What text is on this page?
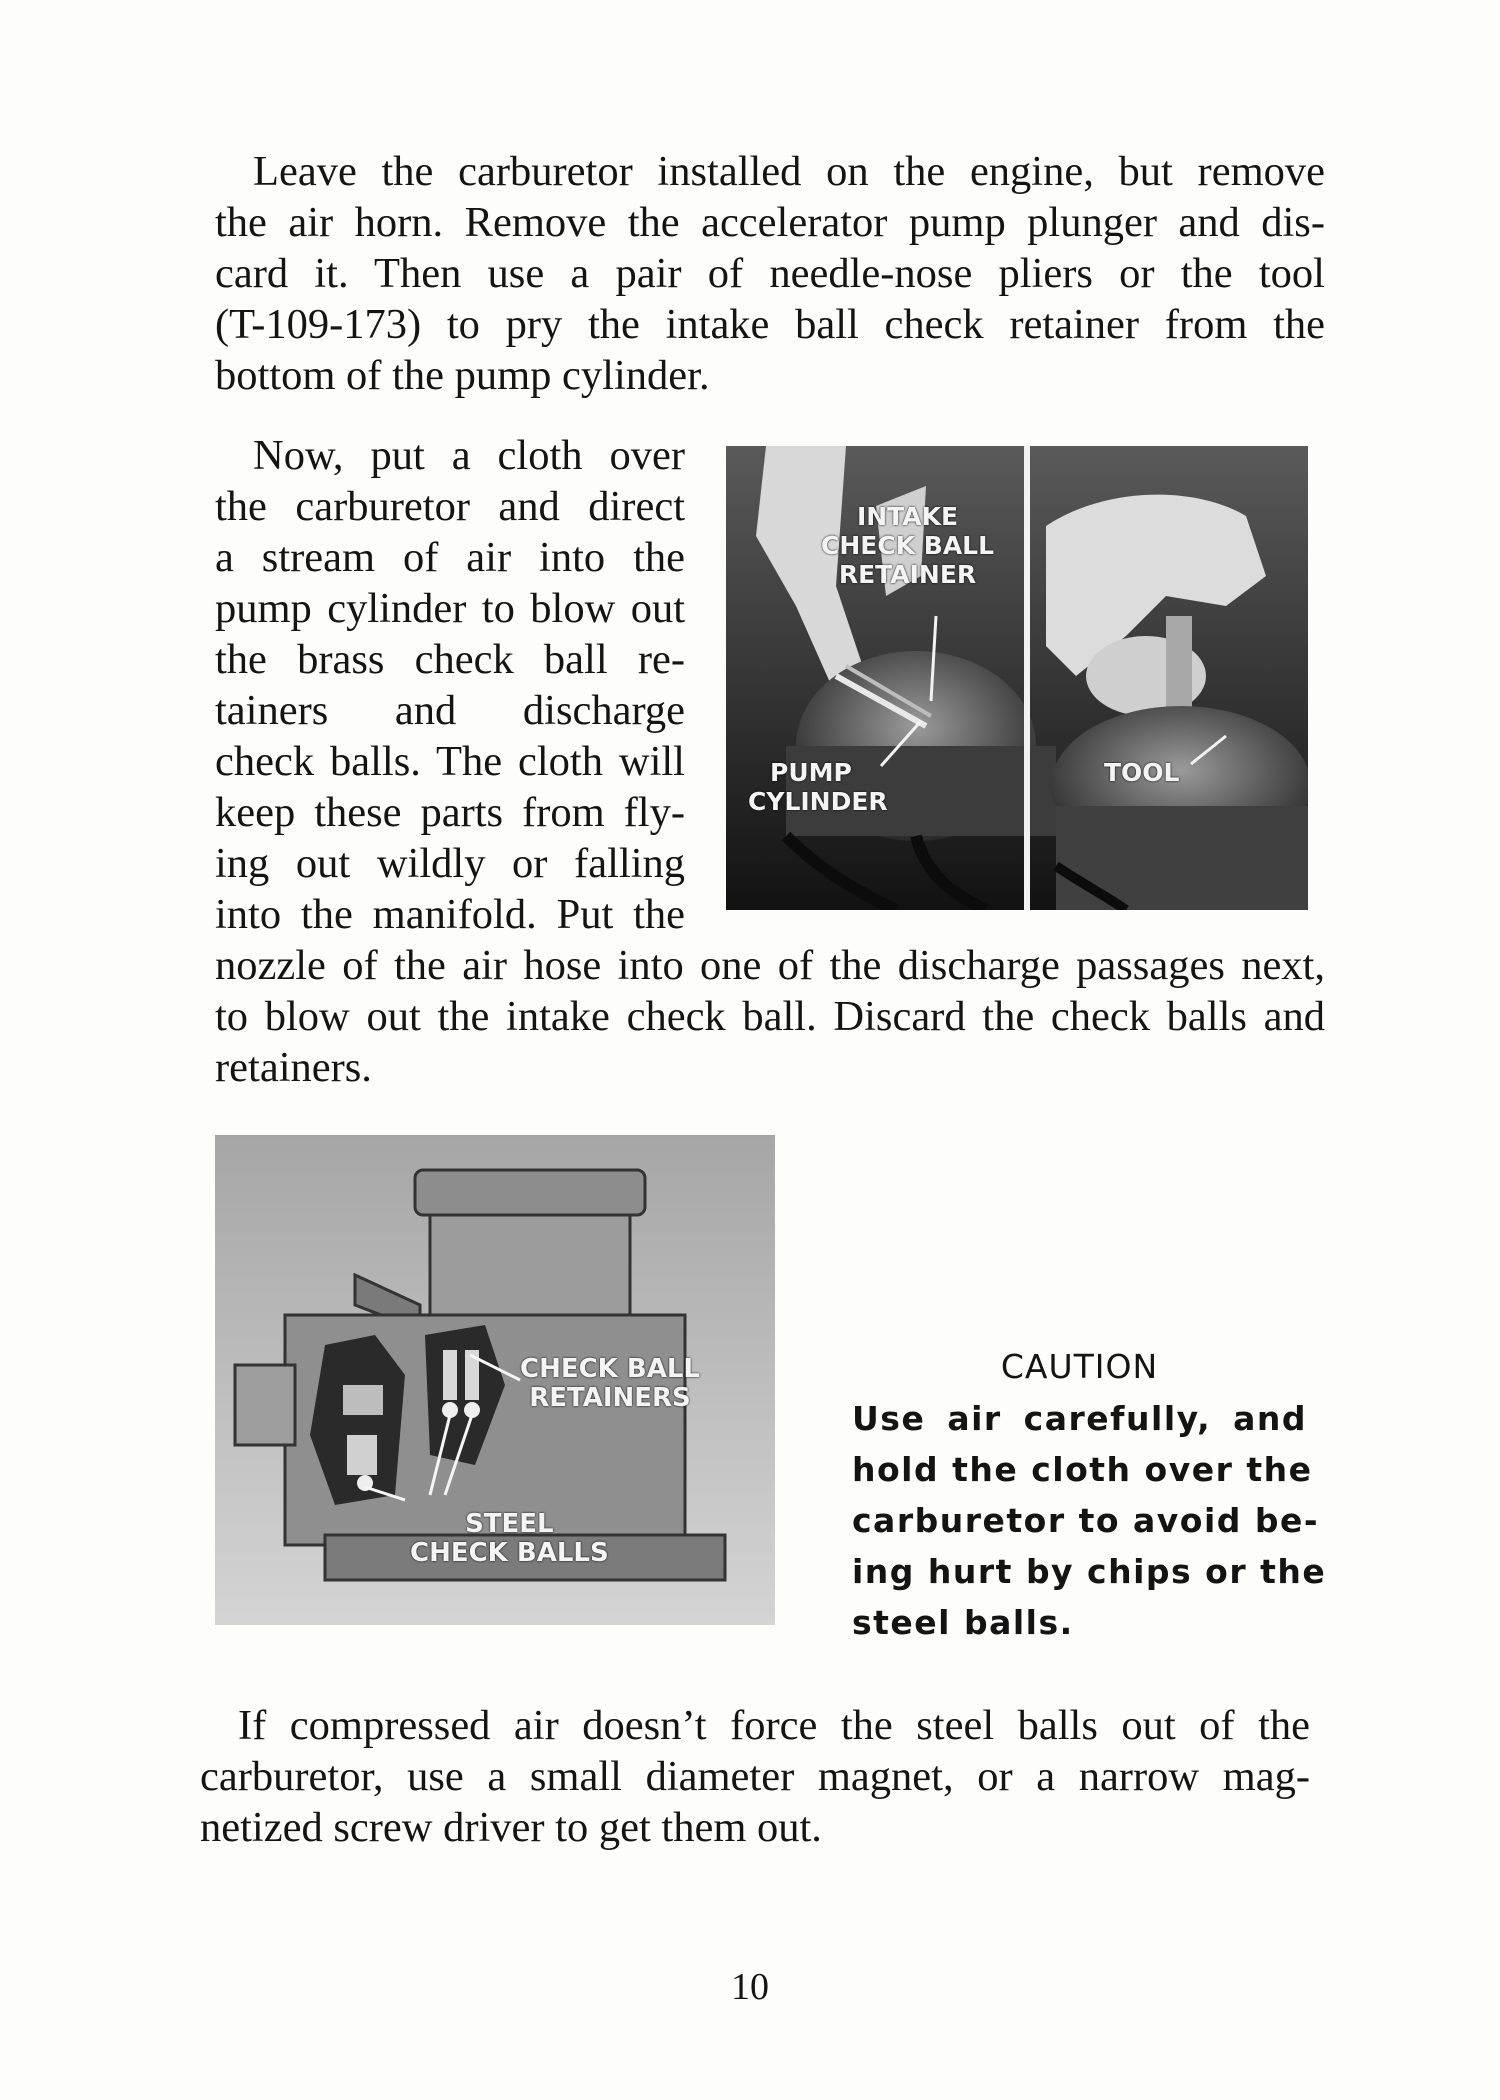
Leave the carburetor installed on the engine, but remove
the air horn. Remove the accelerator pump plunger and dis-
card it. Then use a pair of needle-nose pliers or the tool
(T-109-173) to pry the intake ball check retainer from the
bottom of the pump cylinder.
Now, put a cloth over
the carburetor and direct
a stream of air into the
pump cylinder to blow out
the brass check ball re-
tainers and discharge
check balls. The cloth will
keep these parts from fly-
ing out wildly or falling
into the manifold. Put the
nozzle of the air hose into one of the discharge passages next,
to blow out the intake check ball. Discard the check balls and
retainers.
INTAKE
CHECK BALL
RETAINER
PUMP
CYLINDER
TOOL
CHECK BALL
RETAINERS
STEEL
CHECK BALLS
CAUTION
Use air carefully, and
hold the cloth over the
carburetor to avoid be-
ing hurt by chips or the
steel balls.
If compressed air doesn’t force the steel balls out of the
carburetor, use a small diameter magnet, or a narrow mag-
netized screw driver to get them out.
10
